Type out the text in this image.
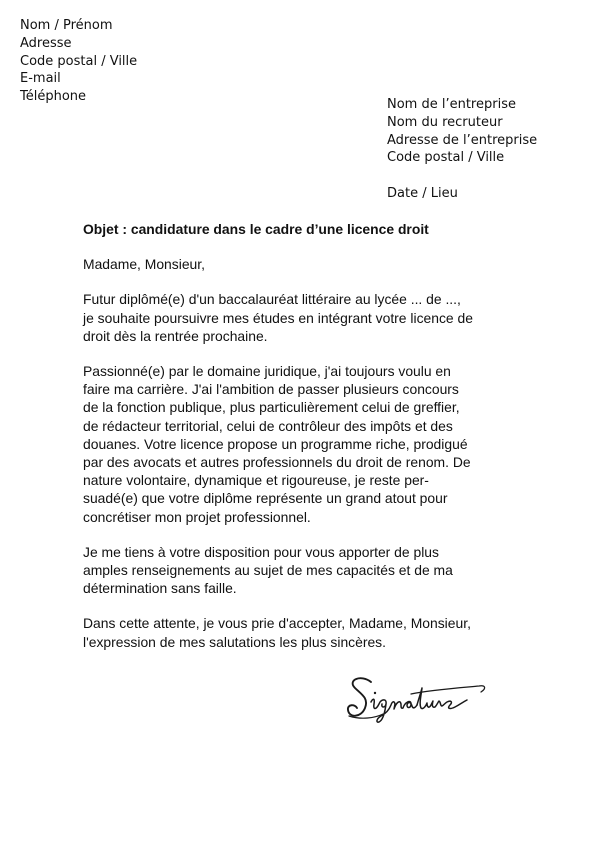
Nom / Prénom
Adresse
Code postal / Ville
E-mail
Téléphone
Nom de l’entreprise
Nom du recruteur
Adresse de l’entreprise
Code postal / Ville
Date / Lieu
Objet : candidature dans le cadre d’une licence droit
Madame, Monsieur,
Futur diplômé(e) d'un baccalauréat littéraire au lycée ... de ...,
je souhaite poursuivre mes études en intégrant votre licence de
droit dès la rentrée prochaine.
Passionné(e) par le domaine juridique, j'ai toujours voulu en
faire ma carrière. J'ai l'ambition de passer plusieurs concours
de la fonction publique, plus particulièrement celui de greffier,
de rédacteur territorial, celui de contrôleur des impôts et des
douanes. Votre licence propose un programme riche, prodigué
par des avocats et autres professionnels du droit de renom. De
nature volontaire, dynamique et rigoureuse, je reste per-
suadé(e) que votre diplôme représente un grand atout pour
concrétiser mon projet professionnel.
Je me tiens à votre disposition pour vous apporter de plus
amples renseignements au sujet de mes capacités et de ma
détermination sans faille.
Dans cette attente, je vous prie d'accepter, Madame, Monsieur,
l'expression de mes salutations les plus sincères.
